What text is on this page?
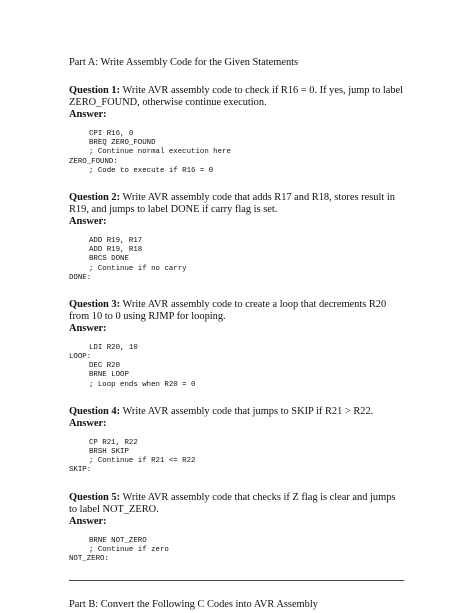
Part A: Write Assembly Code for the Given Statements

Question 1: Write AVR assembly code to check if R16 = 0. If yes, jump to label ZERO_FOUND, otherwise continue execution.

Answer:

CPI R16, 0
BREQ ZERO_FOUND
; Continue normal execution here
ZERO_FOUND:
; Code to execute if R16 = 0

Question 2: Write AVR assembly code that adds R17 and R18, stores result in R19, and jumps to label DONE if carry flag is set.

Answer:

ADD R19, R17
ADD R19, R18
BRCS DONE
; Continue if no carry
DONE:

Question 3: Write AVR assembly code to create a loop that decrements R20 from 10 to 0 using RJMP for looping.

Answer:

LDI R20, 10
LOOP:
DEC R20
BRNE LOOP
; Loop ends when R20 = 0

Question 4: Write AVR assembly code that jumps to SKIP if R21 > R22.

Answer:

CP R21, R22
BRSH SKIP
; Continue if R21 <= R22
SKIP:

Question 5: Write AVR assembly code that checks if Z flag is clear and jumps to label NOT_ZERO.

Answer:

BRNE NOT_ZERO
; Continue if zero
NOT_ZERO:

Part B: Convert the Following C Codes into AVR Assembly
